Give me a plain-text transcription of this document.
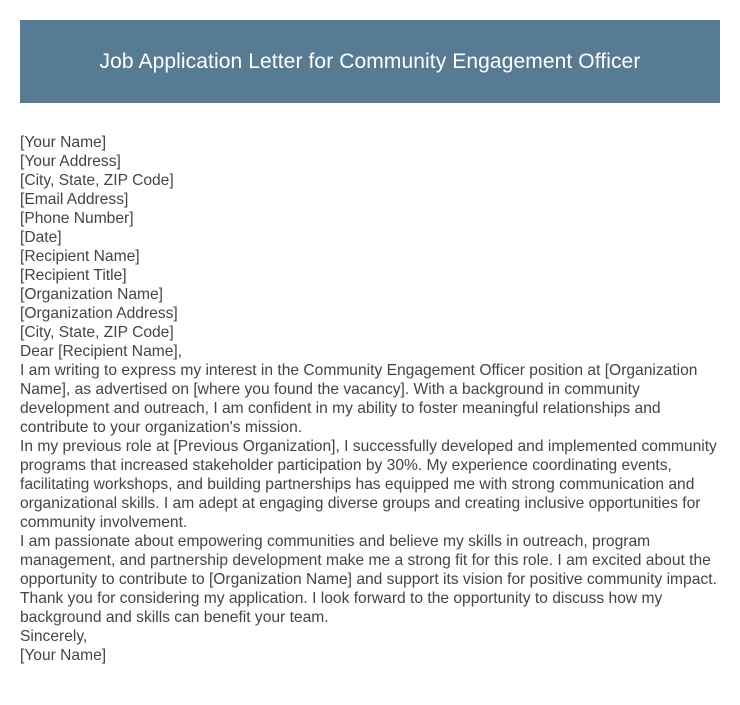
Job Application Letter for Community Engagement Officer

[Your Name]

[Your Address]

[City, State, ZIP Code]

[Email Address]

[Phone Number]

[Date]

[Recipient Name]

[Recipient Title]

[Organization Name]

[Organization Address]

[City, State, ZIP Code]

Dear [Recipient Name],

I am writing to express my interest in the Community Engagement Officer position at [Organization Name], as advertised on [where you found the vacancy]. With a background in community development and outreach, I am confident in my ability to foster meaningful relationships and contribute to your organization's mission.

In my previous role at [Previous Organization], I successfully developed and implemented community programs that increased stakeholder participation by 30%. My experience coordinating events, facilitating workshops, and building partnerships has equipped me with strong communication and organizational skills. I am adept at engaging diverse groups and creating inclusive opportunities for community involvement.

I am passionate about empowering communities and believe my skills in outreach, program management, and partnership development make me a strong fit for this role. I am excited about the opportunity to contribute to [Organization Name] and support its vision for positive community impact.

Thank you for considering my application. I look forward to the opportunity to discuss how my background and skills can benefit your team.

Sincerely,

[Your Name]
